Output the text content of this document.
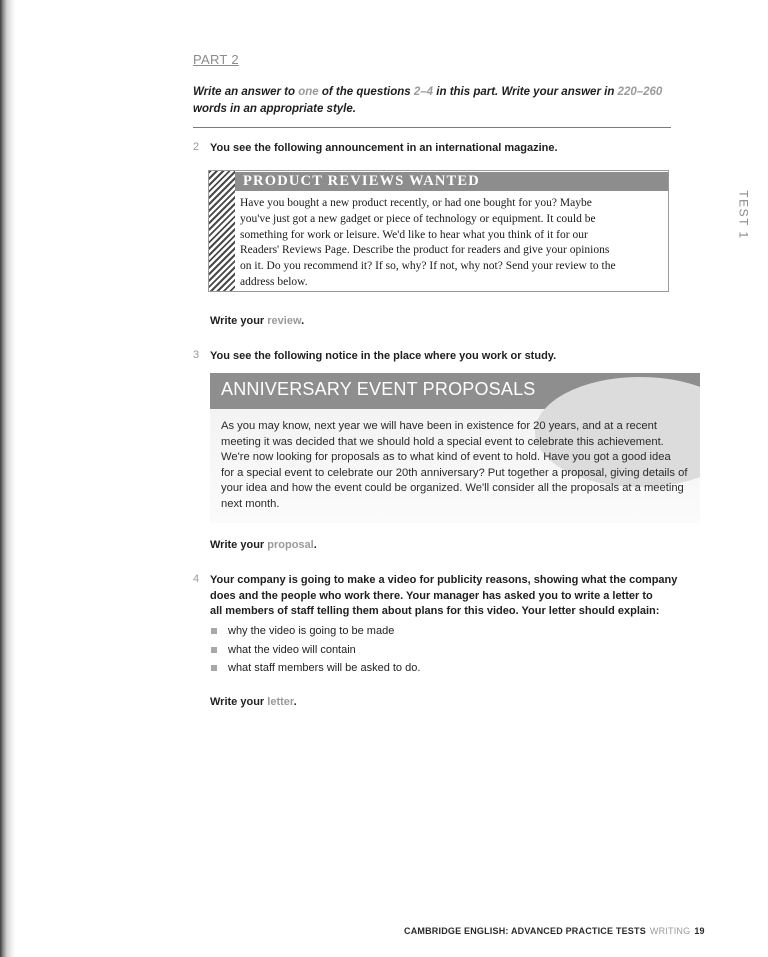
PART 2
Write an answer to one of the questions 2–4 in this part. Write your answer in 220–260 words in an appropriate style.
2 You see the following announcement in an international magazine.
PRODUCT REVIEWS WANTED
Have you bought a new product recently, or had one bought for you? Maybe
you've just got a new gadget or piece of technology or equipment. It could be
something for work or leisure. We'd like to hear what you think of it for our
Readers' Reviews Page. Describe the product for readers and give your opinions
on it. Do you recommend it? If so, why? If not, why not? Send your review to the
address below.
Write your review.
3 You see the following notice in the place where you work or study.
ANNIVERSARY EVENT PROPOSALS
As you may know, next year we will have been in existence for 20 years, and at a recent
meeting it was decided that we should hold a special event to celebrate this achievement.
We're now looking for proposals as to what kind of event to hold. Have you got a good idea
for a special event to celebrate our 20th anniversary? Put together a proposal, giving details of
your idea and how the event could be organized. We'll consider all the proposals at a meeting
next month.
Write your proposal.
4 Your company is going to make a video for publicity reasons, showing what the company
does and the people who work there. Your manager has asked you to write a letter to
all members of staff telling them about plans for this video. Your letter should explain:
why the video is going to be made
what the video will contain
what staff members will be asked to do.
Write your letter.
TEST 1
CAMBRIDGE ENGLISH: ADVANCED PRACTICE TESTS WRITING 19
